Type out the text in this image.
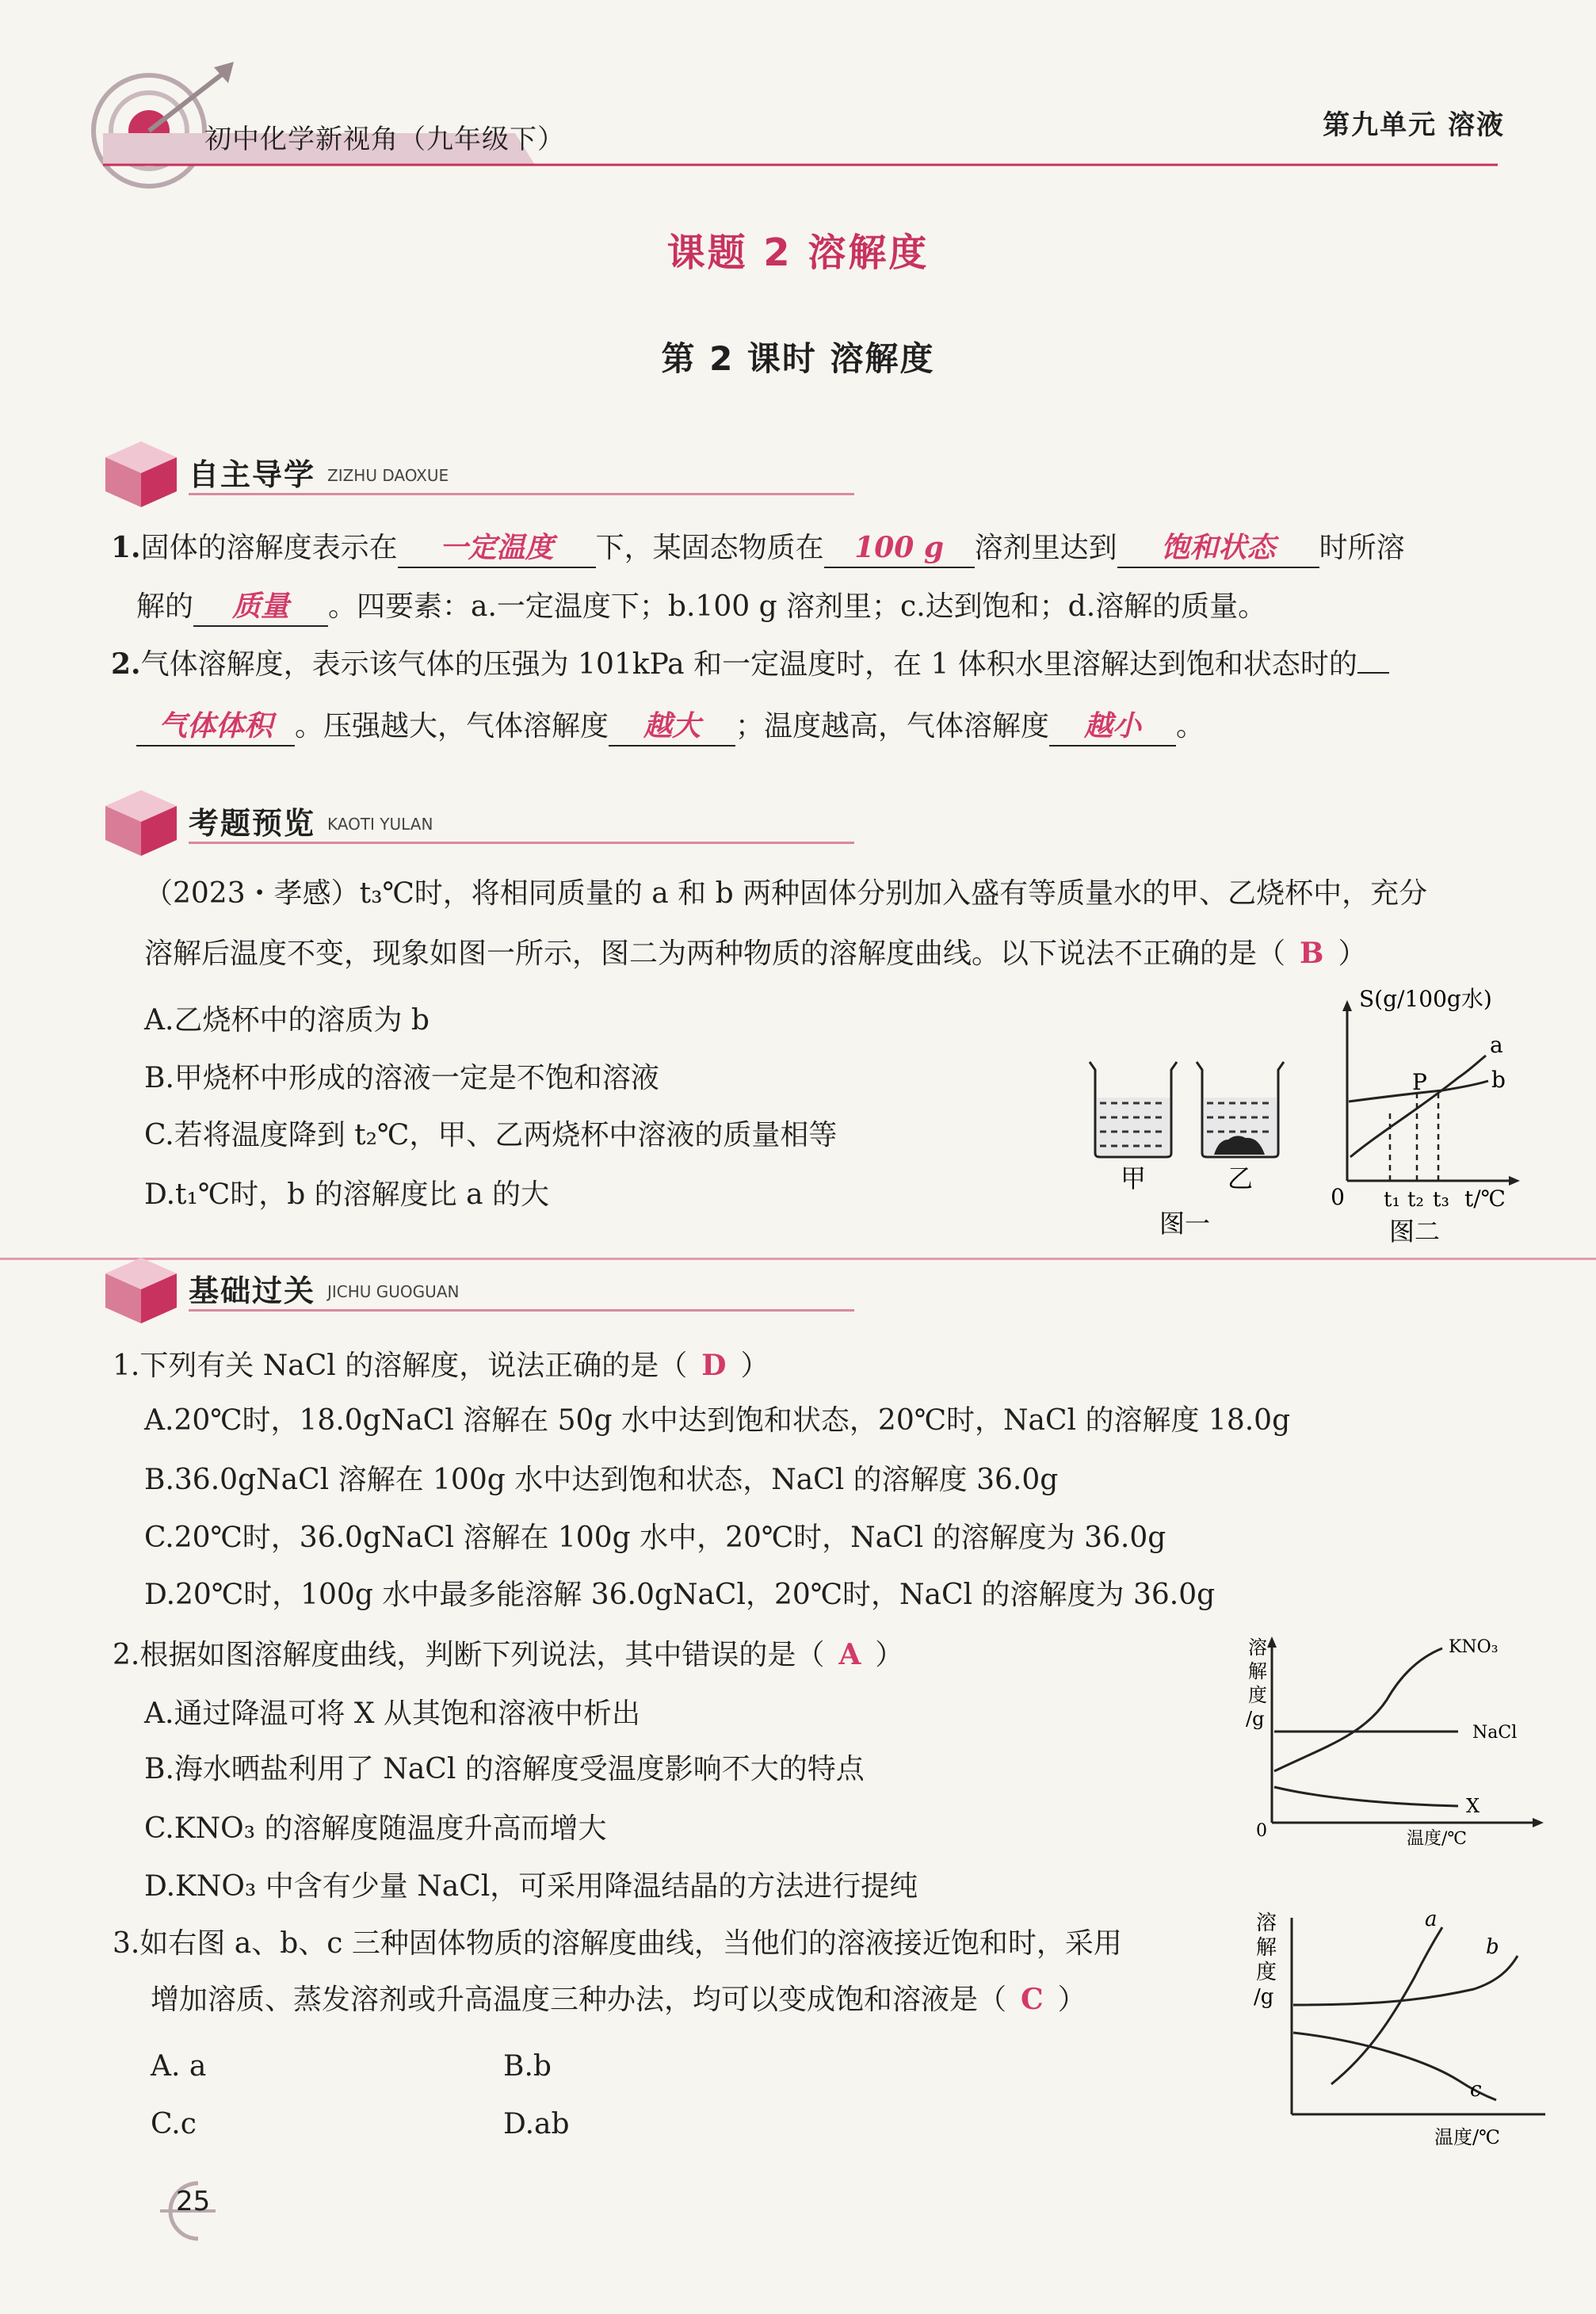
初中化学新视角（九年级下）	第九单元 溶液
课题 2 溶解度
第 2 课时 溶解度
自主导学 ZIZHU DAOXUE
1.固体的溶解度表示在 一定温度 下，某固态物质在 100 g 溶剂里达到 饱和状态 时所溶
解的 质量 。四要素：a.一定温度下；b.100 g 溶剂里；c.达到饱和；d.溶解的质量。
2.气体溶解度，表示该气体的压强为 101kPa 和一定温度时，在 1 体积水里溶解达到饱和状态时的
气体体积 。压强越大，气体溶解度 越大 ；温度越高，气体溶解度 越小 。
考题预览 KAOTI YULAN
（2023・孝感）t₃℃时，将相同质量的 a 和 b 两种固体分别加入盛有等质量水的甲、乙烧杯中，充分
溶解后温度不变，现象如图一所示，图二为两种物质的溶解度曲线。以下说法不正确的是（ B ）
A.乙烧杯中的溶质为 b
B.甲烧杯中形成的溶液一定是不饱和溶液
C.若将温度降到 t₂℃，甲、乙两烧杯中溶液的质量相等
D.t₁℃时，b 的溶解度比 a 的大	甲	乙
图一
S(g/100g水)
0
P
a
b
t₁ t₂ t₃ t/℃
图二
基础过关 JICHU GUOGUAN
1.下列有关 NaCl 的溶解度，说法正确的是（ D ）
A.20℃时，18.0gNaCl 溶解在 50g 水中达到饱和状态，20℃时，NaCl 的溶解度 18.0g
B.36.0gNaCl 溶解在 100g 水中达到饱和状态，NaCl 的溶解度 36.0g
C.20℃时，36.0gNaCl 溶解在 100g 水中，20℃时，NaCl 的溶解度为 36.0g
D.20℃时，100g 水中最多能溶解 36.0gNaCl，20℃时，NaCl 的溶解度为 36.0g
2.根据如图溶解度曲线，判断下列说法，其中错误的是（ A ）
A.通过降温可将 X 从其饱和溶液中析出
B.海水晒盐利用了 NaCl 的溶解度受温度影响不大的特点
C.KNO₃ 的溶解度随温度升高而增大
D.KNO₃ 中含有少量 NaCl，可采用降温结晶的方法进行提纯
溶
解
度
/g
0
KNO₃
NaCl
X
温度/℃
3.如右图 a、b、c 三种固体物质的溶解度曲线，当他们的溶液接近饱和时，采用
增加溶质、蒸发溶剂或升高温度三种办法，均可以变成饱和溶液是（ C ）
A. a	B.b
C.c	D.ab
溶
解
度
/g
a
b
c
温度/℃
25
